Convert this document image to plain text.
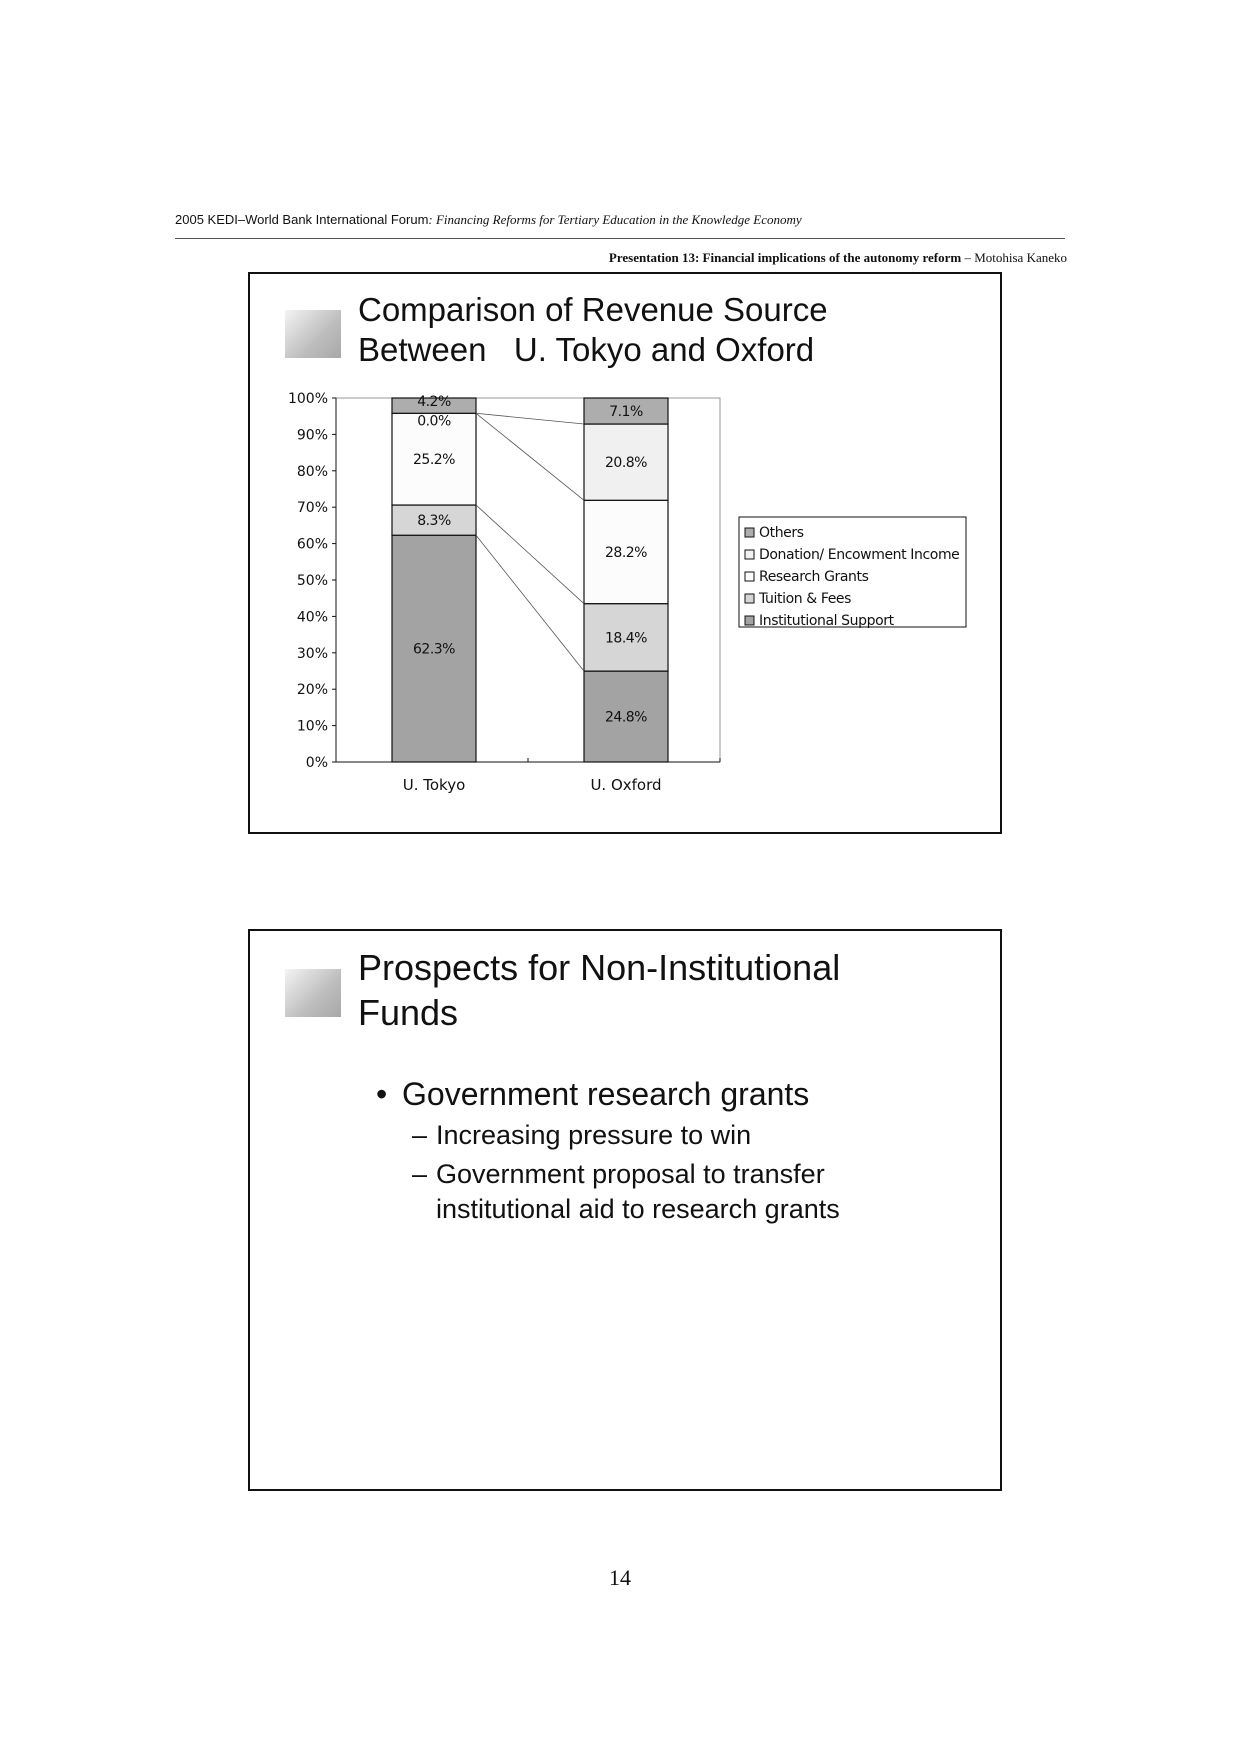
2005 KEDI–World Bank International Forum: Financing Reforms for Tertiary Education in the Knowledge Economy
Presentation 13: Financial implications of the autonomy reform – Motohisa Kaneko
Comparison of Revenue Source
Between   U. Tokyo and Oxford
0%
10%
20%
30%
40%
50%
60%
70%
80%
90%
100%
62.3%
8.3%
25.2%
0.0%
4.2%
24.8%
18.4%
28.2%
20.8%
7.1%
U. Tokyo	U. Oxford
Others
Donation/ Encowment Income
Research Grants
Tuition & Fees
Institutional Support
Prospects for Non-Institutional
Funds
• Government research grants
– Increasing pressure to win
– Government proposal to transfer
institutional aid to research grants
14
